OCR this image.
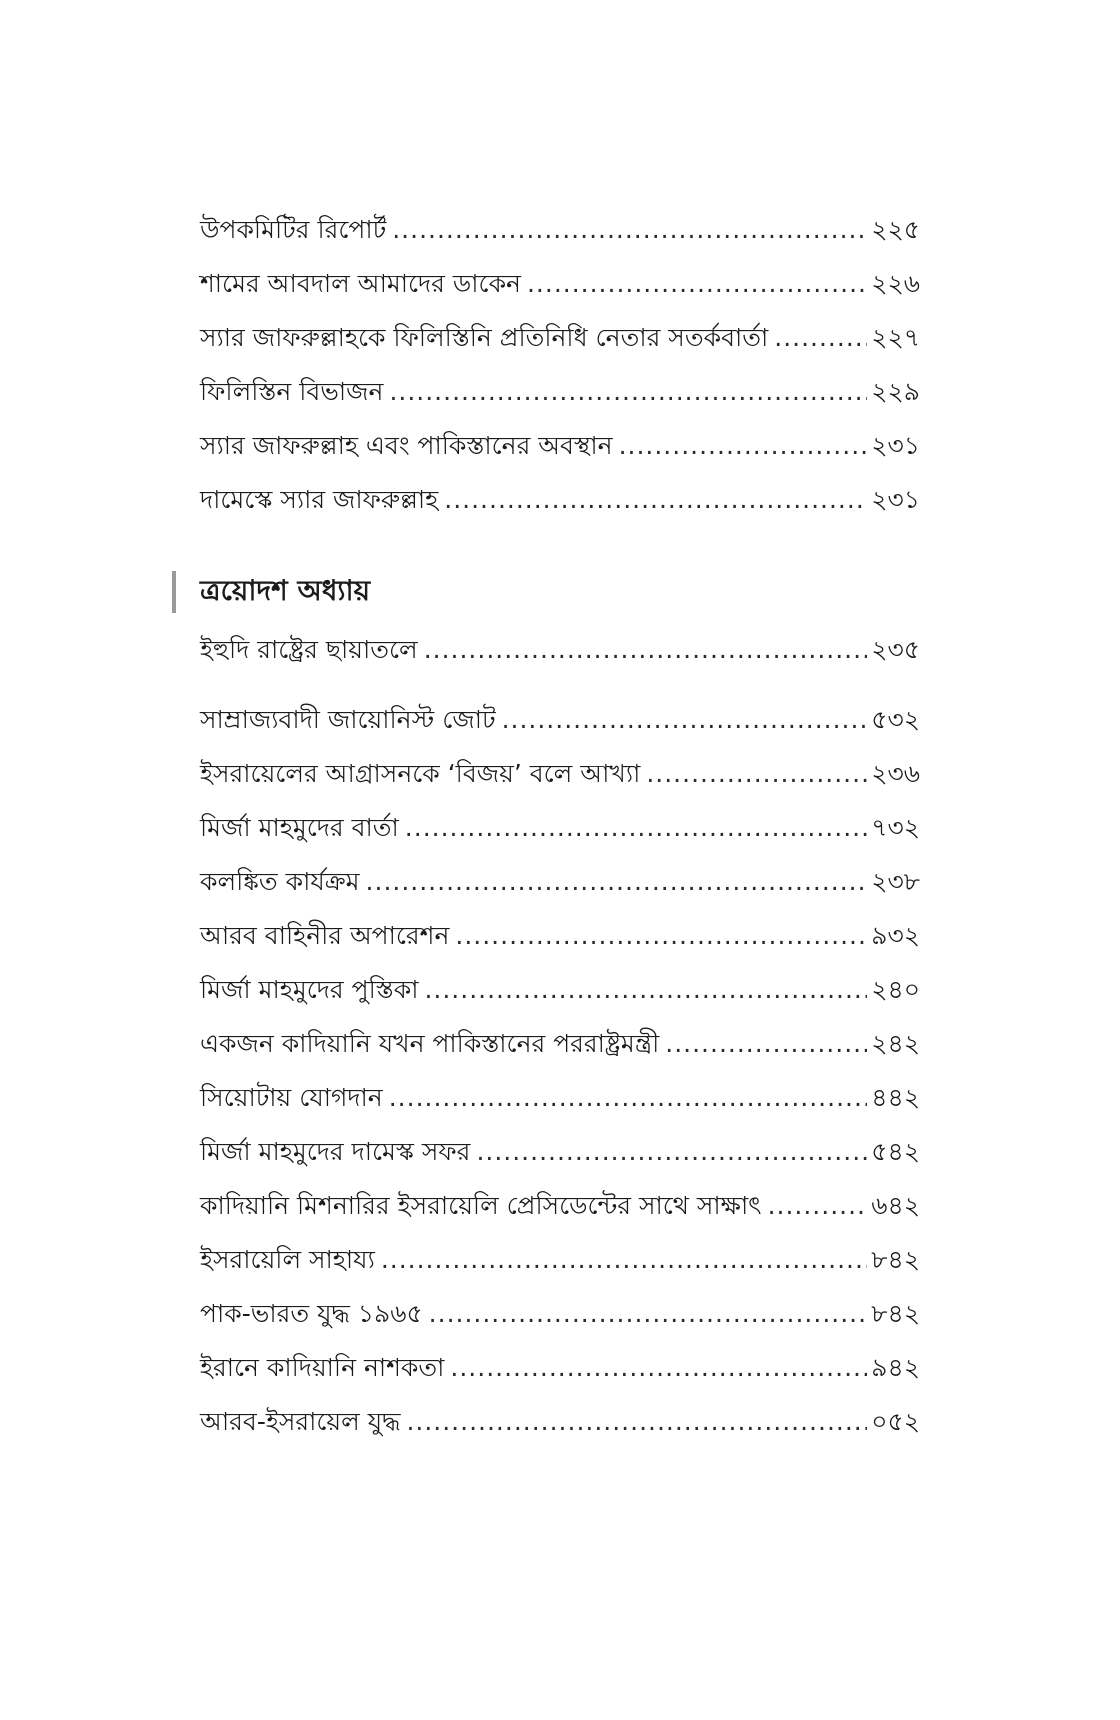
উপকমিটির রিপোর্ট .....	২২৫
শামের আবদাল আমাদের ডাকেন .....	২২৬
স্যার জাফরুল্লাহকে ফিলিস্তিনি প্রতিনিধি নেতার সতর্কবার্তা .....	২২৭
ফিলিস্তিন বিভাজন .....	২২৯
স্যার জাফরুল্লাহ এবং পাকিস্তানের অবস্থান .....	২৩১
দামেস্কে স্যার জাফরুল্লাহ .....	২৩১
ত্রয়োদশ অধ্যায়
ইহুদি রাষ্ট্রের ছায়াতলে .....	২৩৫
সাম্রাজ্যবাদী জায়োনিস্ট জোট .....	৫৩২
ইসরায়েলের আগ্রাসনকে ‘বিজয়’ বলে আখ্যা .....	২৩৬
মির্জা মাহমুদের বার্তা .....	৭৩২
কলঙ্কিত কার্যক্রম .....	২৩৮
আরব বাহিনীর অপারেশন .....	৯৩২
মির্জা মাহমুদের পুস্তিকা .....	২৪০
একজন কাদিয়ানি যখন পাকিস্তানের পররাষ্ট্রমন্ত্রী .....	২৪২
সিয়োটায় যোগদান .....	৪৪২
মির্জা মাহমুদের দামেস্ক সফর .....	৫৪২
কাদিয়ানি মিশনারির ইসরায়েলি প্রেসিডেন্টের সাথে সাক্ষাৎ .....	৬৪২
ইসরায়েলি সাহায্য .....	৮৪২
পাক-ভারত যুদ্ধ ১৯৬৫ .....	৮৪২
ইরানে কাদিয়ানি নাশকতা .....	৯৪২
আরব-ইসরায়েল যুদ্ধ .....	০৫২
